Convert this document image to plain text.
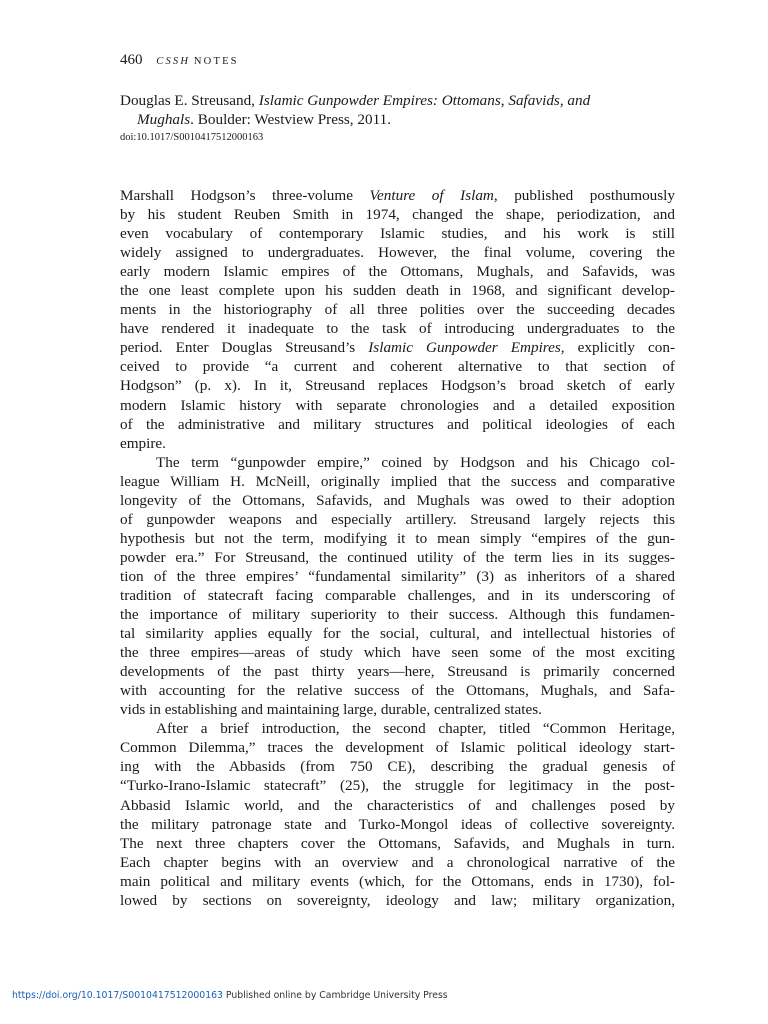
460 CSSH NOTES
Douglas E. Streusand, Islamic Gunpowder Empires: Ottomans, Safavids, and
Mughals. Boulder: Westview Press, 2011.
doi:10.1017/S0010417512000163
Marshall Hodgson’s three-volume Venture of Islam, published posthumously
by his student Reuben Smith in 1974, changed the shape, periodization, and
even vocabulary of contemporary Islamic studies, and his work is still
widely assigned to undergraduates. However, the final volume, covering the
early modern Islamic empires of the Ottomans, Mughals, and Safavids, was
the one least complete upon his sudden death in 1968, and significant develop-
ments in the historiography of all three polities over the succeeding decades
have rendered it inadequate to the task of introducing undergraduates to the
period. Enter Douglas Streusand’s Islamic Gunpowder Empires, explicitly con-
ceived to provide “a current and coherent alternative to that section of
Hodgson” (p. x). In it, Streusand replaces Hodgson’s broad sketch of early
modern Islamic history with separate chronologies and a detailed exposition
of the administrative and military structures and political ideologies of each
empire.
The term “gunpowder empire,” coined by Hodgson and his Chicago col-
league William H. McNeill, originally implied that the success and comparative
longevity of the Ottomans, Safavids, and Mughals was owed to their adoption
of gunpowder weapons and especially artillery. Streusand largely rejects this
hypothesis but not the term, modifying it to mean simply “empires of the gun-
powder era.” For Streusand, the continued utility of the term lies in its sugges-
tion of the three empires’ “fundamental similarity” (3) as inheritors of a shared
tradition of statecraft facing comparable challenges, and in its underscoring of
the importance of military superiority to their success. Although this fundamen-
tal similarity applies equally for the social, cultural, and intellectual histories of
the three empires—areas of study which have seen some of the most exciting
developments of the past thirty years—here, Streusand is primarily concerned
with accounting for the relative success of the Ottomans, Mughals, and Safa-
vids in establishing and maintaining large, durable, centralized states.
After a brief introduction, the second chapter, titled “Common Heritage,
Common Dilemma,” traces the development of Islamic political ideology start-
ing with the Abbasids (from 750 CE), describing the gradual genesis of
“Turko-Irano-Islamic statecraft” (25), the struggle for legitimacy in the post-
Abbasid Islamic world, and the characteristics of and challenges posed by
the military patronage state and Turko-Mongol ideas of collective sovereignty.
The next three chapters cover the Ottomans, Safavids, and Mughals in turn.
Each chapter begins with an overview and a chronological narrative of the
main political and military events (which, for the Ottomans, ends in 1730), fol-
lowed by sections on sovereignty, ideology and law; military organization,
https://doi.org/10.1017/S0010417512000163 Published online by Cambridge University Press
